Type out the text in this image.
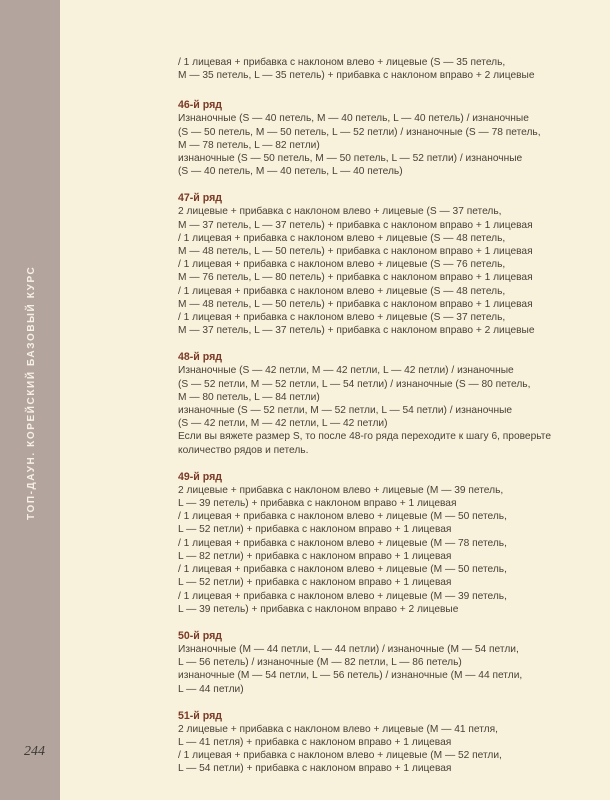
ТОП-ДАУН. КОРЕЙСКИЙ БАЗОВЫЙ КУРС
244
/ 1 лицевая + прибавка с наклоном влево + лицевые (S — 35 петель,
M — 35 петель, L — 35 петель) + прибавка с наклоном вправо + 2 лицевые
46-й ряд
Изнаночные (S — 40 петель, M — 40 петель, L — 40 петель) / изнаночные
(S — 50 петель, M — 50 петель, L — 52 петли) / изнаночные (S — 78 петель,
M — 78 петель, L — 82 петли)
изнаночные (S — 50 петель, M — 50 петель, L — 52 петли) / изнаночные
(S — 40 петель, M — 40 петель, L — 40 петель)
47-й ряд
2 лицевые + прибавка с наклоном влево + лицевые (S — 37 петель,
M — 37 петель, L — 37 петель) + прибавка с наклоном вправо + 1 лицевая
/ 1 лицевая + прибавка с наклоном влево + лицевые (S — 48 петель,
M — 48 петель, L — 50 петель) + прибавка с наклоном вправо + 1 лицевая
/ 1 лицевая + прибавка с наклоном влево + лицевые (S — 76 петель,
M — 76 петель, L — 80 петель) + прибавка с наклоном вправо + 1 лицевая
/ 1 лицевая + прибавка с наклоном влево + лицевые (S — 48 петель,
M — 48 петель, L — 50 петель) + прибавка с наклоном вправо + 1 лицевая
/ 1 лицевая + прибавка с наклоном влево + лицевые (S — 37 петель,
M — 37 петель, L — 37 петель) + прибавка с наклоном вправо + 2 лицевые
48-й ряд
Изнаночные (S — 42 петли, M — 42 петли, L — 42 петли) / изнаночные
(S — 52 петли, M — 52 петли, L — 54 петли) / изнаночные (S — 80 петель,
M — 80 петель, L — 84 петли)
изнаночные (S — 52 петли, M — 52 петли, L — 54 петли) / изнаночные
(S — 42 петли, M — 42 петли, L — 42 петли)
Если вы вяжете размер S, то после 48-го ряда переходите к шагу 6, проверьте
количество рядов и петель.
49-й ряд
2 лицевые + прибавка с наклоном влево + лицевые (M — 39 петель,
L — 39 петель) + прибавка с наклоном вправо + 1 лицевая
/ 1 лицевая + прибавка с наклоном влево + лицевые (M — 50 петель,
L — 52 петли) + прибавка с наклоном вправо + 1 лицевая
/ 1 лицевая + прибавка с наклоном влево + лицевые (M — 78 петель,
L — 82 петли) + прибавка с наклоном вправо + 1 лицевая
/ 1 лицевая + прибавка с наклоном влево + лицевые (M — 50 петель,
L — 52 петли) + прибавка с наклоном вправо + 1 лицевая
/ 1 лицевая + прибавка с наклоном влево + лицевые (M — 39 петель,
L — 39 петель) + прибавка с наклоном вправо + 2 лицевые
50-й ряд
Изнаночные (M — 44 петли, L — 44 петли) / изнаночные (M — 54 петли,
L — 56 петель) / изнаночные (M — 82 петли, L — 86 петель)
изнаночные (M — 54 петли, L — 56 петель) / изнаночные (M — 44 петли,
L — 44 петли)
51-й ряд
2 лицевые + прибавка с наклоном влево + лицевые (M — 41 петля,
L — 41 петля) + прибавка с наклоном вправо + 1 лицевая
/ 1 лицевая + прибавка с наклоном влево + лицевые (M — 52 петли,
L — 54 петли) + прибавка с наклоном вправо + 1 лицевая
